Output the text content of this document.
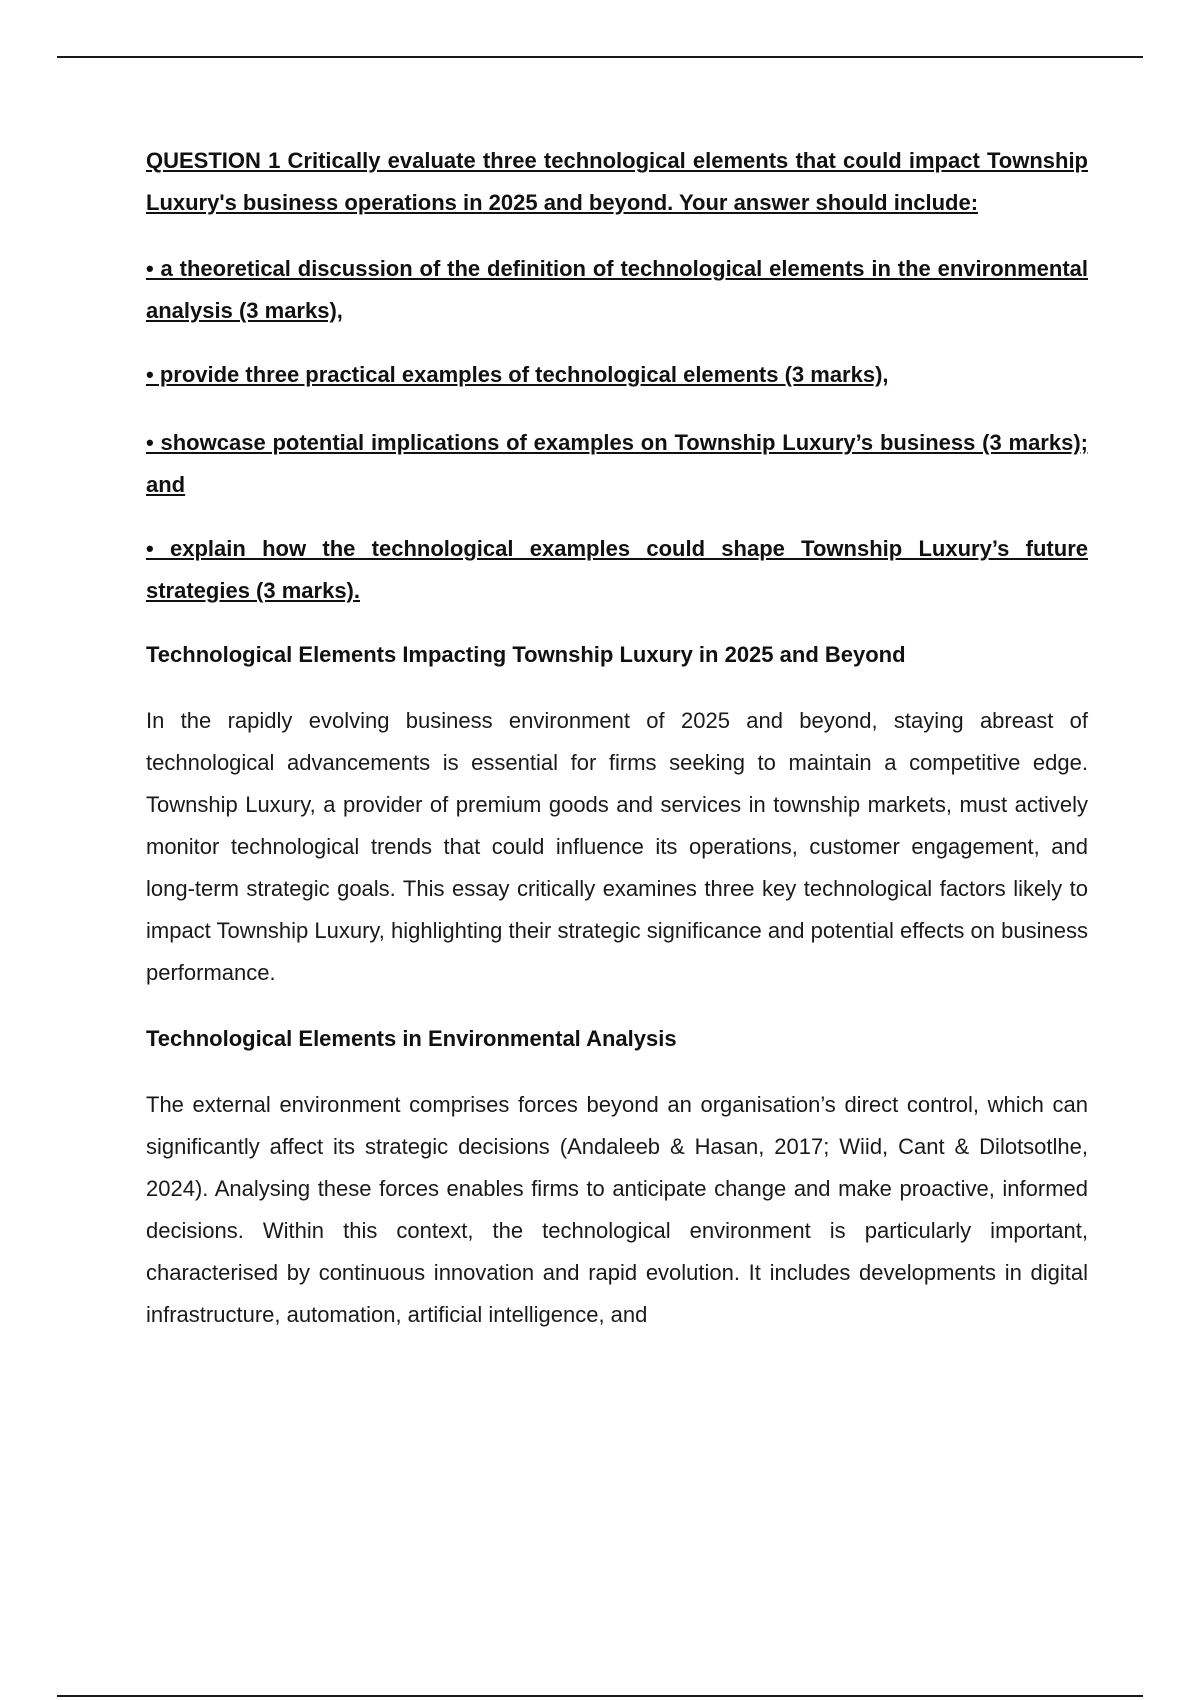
QUESTION 1 Critically evaluate three technological elements that could impact Township Luxury's business operations in 2025 and beyond. Your answer should include:

• a theoretical discussion of the definition of technological elements in the environmental analysis (3 marks),

• provide three practical examples of technological elements (3 marks),

• showcase potential implications of examples on Township Luxury’s business (3 marks); and

• explain how the technological examples could shape Township Luxury’s future strategies (3 marks).

Technological Elements Impacting Township Luxury in 2025 and Beyond

In the rapidly evolving business environment of 2025 and beyond, staying abreast of technological advancements is essential for firms seeking to maintain a competitive edge. Township Luxury, a provider of premium goods and services in township markets, must actively monitor technological trends that could influence its operations, customer engagement, and long-term strategic goals. This essay critically examines three key technological factors likely to impact Township Luxury, highlighting their strategic significance and potential effects on business performance.

Technological Elements in Environmental Analysis

The external environment comprises forces beyond an organisation’s direct control, which can significantly affect its strategic decisions (Andaleeb & Hasan, 2017; Wiid, Cant & Dilotsotlhe, 2024). Analysing these forces enables firms to anticipate change and make proactive, informed decisions. Within this context, the technological environment is particularly important, characterised by continuous innovation and rapid evolution. It includes developments in digital infrastructure, automation, artificial intelligence, and
